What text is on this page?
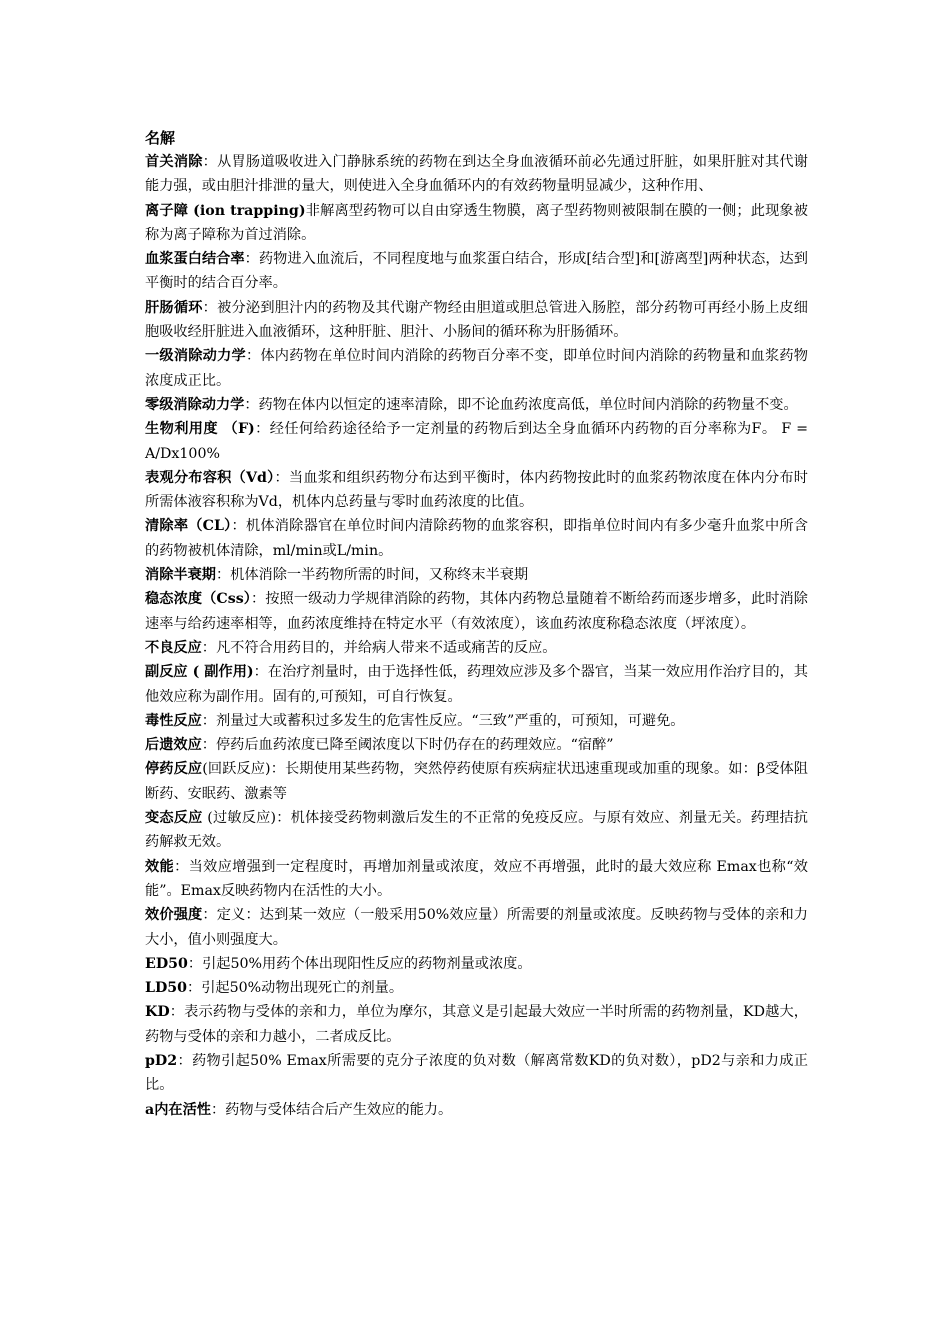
名解

首关消除：从胃肠道吸收进入门静脉系统的药物在到达全身血液循环前必先通过肝脏，如果肝脏对其代谢能力强，或由胆汁排泄的量大，则使进入全身血循环内的有效药物量明显减少，这种作用、

离子障 (ion trapping)非解离型药物可以自由穿透生物膜，离子型药物则被限制在膜的一侧；此现象被称为离子障称为首过消除。

血浆蛋白结合率：药物进入血流后，不同程度地与血浆蛋白结合，形成[结合型]和[游离型]两种状态，达到平衡时的结合百分率。

肝肠循环：被分泌到胆汁内的药物及其代谢产物经由胆道或胆总管进入肠腔，部分药物可再经小肠上皮细胞吸收经肝脏进入血液循环，这种肝脏、胆汁、小肠间的循环称为肝肠循环。

一级消除动力学：体内药物在单位时间内消除的药物百分率不变，即单位时间内消除的药物量和血浆药物浓度成正比。

零级消除动力学：药物在体内以恒定的速率清除，即不论血药浓度高低，单位时间内消除的药物量不变。

生物利用度 （F)：经任何给药途径给予一定剂量的药物后到达全身血循环内药物的百分率称为F。 F = A/Dx100%

表观分布容积（Vd）：当血浆和组织药物分布达到平衡时，体内药物按此时的血浆药物浓度在体内分布时所需体液容积称为Vd，机体内总药量与零时血药浓度的比值。

清除率（CL）：机体消除器官在单位时间内清除药物的血浆容积，即指单位时间内有多少毫升血浆中所含的药物被机体清除，ml/min或L/min。

消除半衰期：机体消除一半药物所需的时间，又称终末半衰期

稳态浓度（Css）：按照一级动力学规律消除的药物，其体内药物总量随着不断给药而逐步增多，此时消除速率与给药速率相等，血药浓度维持在特定水平（有效浓度），该血药浓度称稳态浓度（坪浓度）。

不良反应：凡不符合用药目的，并给病人带来不适或痛苦的反应。

副反应 ( 副作用)：在治疗剂量时，由于选择性低，药理效应涉及多个器官，当某一效应用作治疗目的，其他效应称为副作用。固有的,可预知，可自行恢复。

毒性反应：剂量过大或蓄积过多发生的危害性反应。“三致”严重的，可预知，可避免。

后遗效应：停药后血药浓度已降至阈浓度以下时仍存在的药理效应。“宿醉”

停药反应(回跃反应)：长期使用某些药物，突然停药使原有疾病症状迅速重现或加重的现象。如：β受体阻断药、安眠药、激素等

变态反应 (过敏反应)：机体接受药物刺激后发生的不正常的免疫反应。与原有效应、剂量无关。药理拮抗药解救无效。

效能：当效应增强到一定程度时，再增加剂量或浓度，效应不再增强，此时的最大效应称 Emax也称“效能”。Emax反映药物内在活性的大小。

效价强度：定义：达到某一效应（一般采用50%效应量）所需要的剂量或浓度。反映药物与受体的亲和力大小，值小则强度大。

ED50：引起50%用药个体出现阳性反应的药物剂量或浓度。

LD50：引起50%动物出现死亡的剂量。

KD：表示药物与受体的亲和力，单位为摩尔，其意义是引起最大效应一半时所需的药物剂量，KD越大，药物与受体的亲和力越小，二者成反比。

pD2：药物引起50% Emax所需要的克分子浓度的负对数（解离常数KD的负对数），pD2与亲和力成正比。

a内在活性：药物与受体结合后产生效应的能力。
